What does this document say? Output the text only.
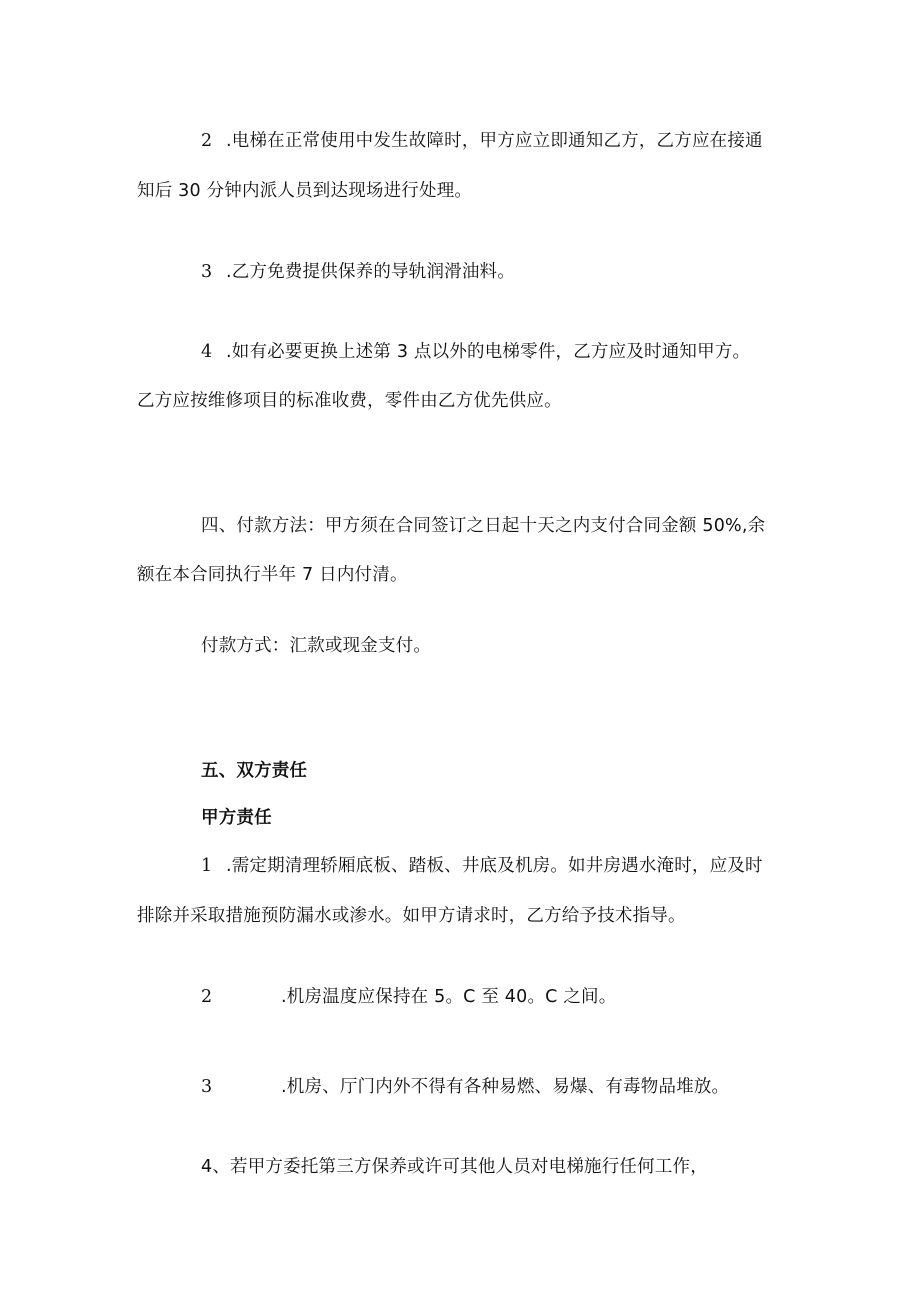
2 .电梯在正常使用中发生故障时，甲方应立即通知乙方，乙方应在接通
知后 30 分钟内派人员到达现场进行处理。
3 .乙方免费提供保养的导轨润滑油料。
4 .如有必要更换上述第 3 点以外的电梯零件，乙方应及时通知甲方。
乙方应按维修项目的标准收费，零件由乙方优先供应。
四、付款方法：甲方须在合同签订之日起十天之内支付合同金额 50%,余
额在本合同执行半年 7 日内付清。
付款方式：汇款或现金支付。
五、双方责任
甲方责任
1 .需定期清理轿厢底板、踏板、井底及机房。如井房遇水淹时，应及时
排除并采取措施预防漏水或渗水。如甲方请求时，乙方给予技术指导。
2	.机房温度应保持在 5。C 至 40。C 之间。
3	.机房、厅门内外不得有各种易燃、易爆、有毒物品堆放。
4、若甲方委托第三方保养或许可其他人员对电梯施行任何工作，
